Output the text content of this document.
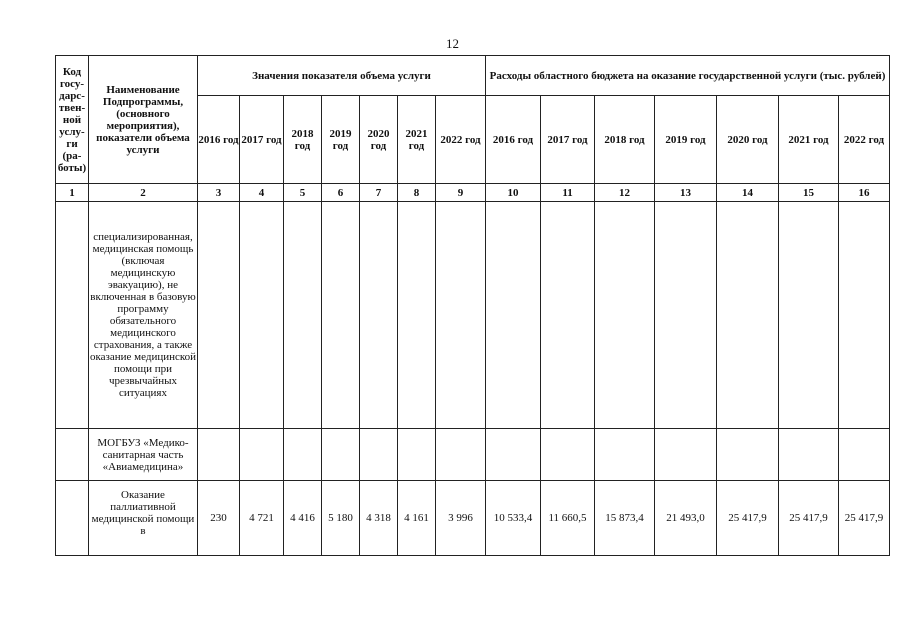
12
Код госу-дарс-твен-ной услу-ги (ра-боты)	Наименование Подпрограммы, (основного мероприятия), показатели объема услуги	Значения показателя объема услуги							Расходы областного бюджета на оказание государственной услуги (тыс. рублей)						
		2016 год	2017 год	2018 год	2019 год	2020 год	2021 год	2022 год	2016 год	2017 год	2018 год	2019 год	2020 год	2021 год	2022 год
1	2	3	4	5	6	7	8	9	10	11	12	13	14	15	16
	специализированная, медицинская помощь (включая медицинскую эвакуацию), не включенная в базовую программу обязательного медицинского страхования, а также оказание медицинской помощи при чрезвычайных ситуациях														
	МОГБУЗ «Медико-санитарная часть «Авиамедицина»														
	Оказание паллиативной медицинской помощи в	230	4 721	4 416	5 180	4 318	4 161	3 996	10 533,4	11 660,5	15 873,4	21 493,0	25 417,9	25 417,9	25 417,9
